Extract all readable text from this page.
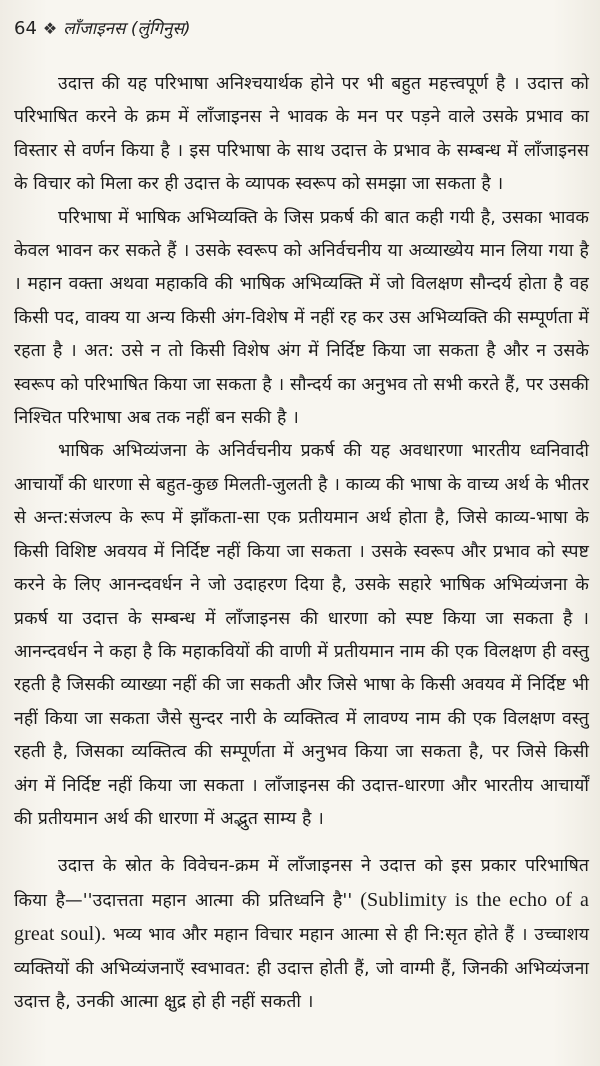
64 ❖ लाँजाइनस (लुंगिनुस)

उदात्त की यह परिभाषा अनिश्चयार्थक होने पर भी बहुत महत्त्वपूर्ण है । उदात्त को परिभाषित करने के क्रम में लाँजाइनस ने भावक के मन पर पड़ने वाले उसके प्रभाव का विस्तार से वर्णन किया है । इस परिभाषा के साथ उदात्त के प्रभाव के सम्बन्ध में लाँजाइनस के विचार को मिला कर ही उदात्त के व्यापक स्वरूप को समझा जा सकता है ।

परिभाषा में भाषिक अभिव्यक्ति के जिस प्रकर्ष की बात कही गयी है, उसका भावक केवल भावन कर सकते हैं । उसके स्वरूप को अनिर्वचनीय या अव्याख्येय मान लिया गया है । महान वक्ता अथवा महाकवि की भाषिक अभिव्यक्ति में जो विलक्षण सौन्दर्य होता है वह किसी पद, वाक्य या अन्य किसी अंग-विशेष में नहीं रह कर उस अभिव्यक्ति की सम्पूर्णता में रहता है । अत: उसे न तो किसी विशेष अंग में निर्दिष्ट किया जा सकता है और न उसके स्वरूप को परिभाषित किया जा सकता है । सौन्दर्य का अनुभव तो सभी करते हैं, पर उसकी निश्चित परिभाषा अब तक नहीं बन सकी है ।

भाषिक अभिव्यंजना के अनिर्वचनीय प्रकर्ष की यह अवधारणा भारतीय ध्वनिवादी आचार्यों की धारणा से बहुत-कुछ मिलती-जुलती है । काव्य की भाषा के वाच्य अर्थ के भीतर से अन्त:संजल्प के रूप में झाँकता-सा एक प्रतीयमान अर्थ होता है, जिसे काव्य-भाषा के किसी विशिष्ट अवयव में निर्दिष्ट नहीं किया जा सकता । उसके स्वरूप और प्रभाव को स्पष्ट करने के लिए आनन्दवर्धन ने जो उदाहरण दिया है, उसके सहारे भाषिक अभिव्यंजना के प्रकर्ष या उदात्त के सम्बन्ध में लाँजाइनस की धारणा को स्पष्ट किया जा सकता है । आनन्दवर्धन ने कहा है कि महाकवियों की वाणी में प्रतीयमान नाम की एक विलक्षण ही वस्तु रहती है जिसकी व्याख्या नहीं की जा सकती और जिसे भाषा के किसी अवयव में निर्दिष्ट भी नहीं किया जा सकता जैसे सुन्दर नारी के व्यक्तित्व में लावण्य नाम की एक विलक्षण वस्तु रहती है, जिसका व्यक्तित्व की सम्पूर्णता में अनुभव किया जा सकता है, पर जिसे किसी अंग में निर्दिष्ट नहीं किया जा सकता । लाँजाइनस की उदात्त-धारणा और भारतीय आचार्यों की प्रतीयमान अर्थ की धारणा में अद्भुत साम्य है ।

उदात्त के स्रोत के विवेचन-क्रम में लाँजाइनस ने उदात्त को इस प्रकार परिभाषित किया है—''उदात्तता महान आत्मा की प्रतिध्वनि है'' (Sublimity is the echo of a great soul). भव्य भाव और महान विचार महान आत्मा से ही नि:सृत होते हैं । उच्चाशय व्यक्तियों की अभिव्यंजनाएँ स्वभावत: ही उदात्त होती हैं, जो वाग्मी हैं, जिनकी अभिव्यंजना उदात्त है, उनकी आत्मा क्षुद्र हो ही नहीं सकती ।
